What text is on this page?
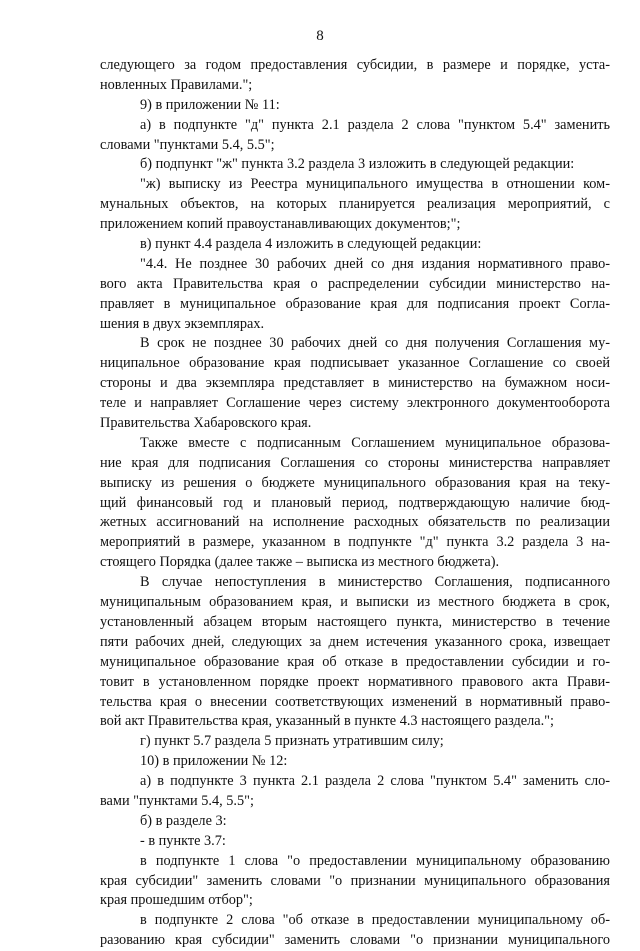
8
следующего за годом предоставления субсидии, в размере и порядке, уста-
новленных Правилами.";
9) в приложении № 11:
а) в подпункте "д" пункта 2.1 раздела 2 слова "пунктом 5.4" заменить
словами "пунктами 5.4, 5.5";
б) подпункт "ж" пункта 3.2 раздела 3 изложить в следующей редакции:
"ж) выписку из Реестра муниципального имущества в отношении ком-
мунальных объектов, на которых планируется реализация мероприятий, с
приложением копий правоустанавливающих документов;";
в) пункт 4.4 раздела 4 изложить в следующей редакции:
"4.4. Не позднее 30 рабочих дней со дня издания нормативного право-
вого акта Правительства края о распределении субсидии министерство на-
правляет в муниципальное образование края для подписания проект Согла-
шения в двух экземплярах.
В срок не позднее 30 рабочих дней со дня получения Соглашения му-
ниципальное образование края подписывает указанное Соглашение со своей
стороны и два экземпляра представляет в министерство на бумажном носи-
теле и направляет Соглашение через систему электронного документооборота
Правительства Хабаровского края.
Также вместе с подписанным Соглашением муниципальное образова-
ние края для подписания Соглашения со стороны министерства направляет
выписку из решения о бюджете муниципального образования края на теку-
щий финансовый год и плановый период, подтверждающую наличие бюд-
жетных ассигнований на исполнение расходных обязательств по реализации
мероприятий в размере, указанном в подпункте "д" пункта 3.2 раздела 3 на-
стоящего Порядка (далее также – выписка из местного бюджета).
В случае непоступления в министерство Соглашения, подписанного
муниципальным образованием края, и выписки из местного бюджета в срок,
установленный абзацем вторым настоящего пункта, министерство в течение
пяти рабочих дней, следующих за днем истечения указанного срока, извещает
муниципальное образование края об отказе в предоставлении субсидии и го-
товит в установленном порядке проект нормативного правового акта Прави-
тельства края о внесении соответствующих изменений в нормативный право-
вой акт Правительства края, указанный в пункте 4.3 настоящего раздела.";
г) пункт 5.7 раздела 5 признать утратившим силу;
10) в приложении № 12:
а) в подпункте 3 пункта 2.1 раздела 2 слова "пунктом 5.4" заменить сло-
вами "пунктами 5.4, 5.5";
б) в разделе 3:
- в пункте 3.7:
в подпункте 1 слова "о предоставлении муниципальному образованию
края субсидии" заменить словами "о признании муниципального образования
края прошедшим отбор";
в подпункте 2 слова "об отказе в предоставлении муниципальному об-
разованию края субсидии" заменить словами "о признании муниципального
